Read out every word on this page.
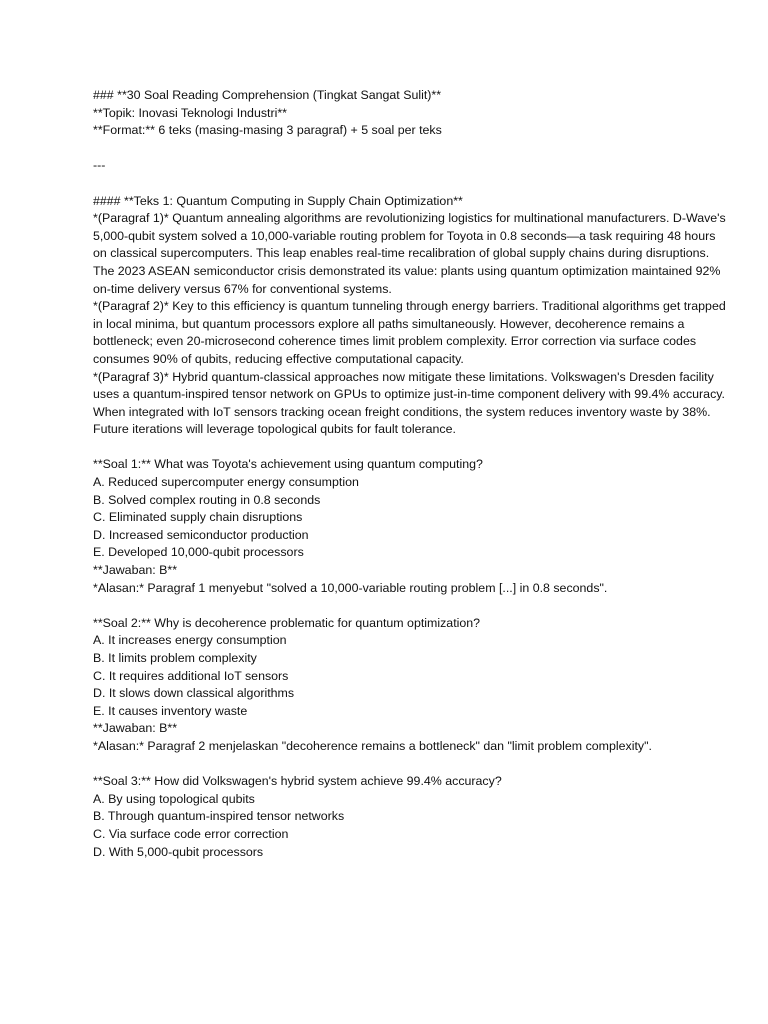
### **30 Soal Reading Comprehension (Tingkat Sangat Sulit)**
**Topik: Inovasi Teknologi Industri**
**Format:** 6 teks (masing-masing 3 paragraf) + 5 soal per teks
---
#### **Teks 1: Quantum Computing in Supply Chain Optimization**
*(Paragraf 1)* Quantum annealing algorithms are revolutionizing logistics for multinational manufacturers. D-Wave's 5,000-qubit system solved a 10,000-variable routing problem for Toyota in 0.8 seconds—a task requiring 48 hours on classical supercomputers. This leap enables real-time recalibration of global supply chains during disruptions. The 2023 ASEAN semiconductor crisis demonstrated its value: plants using quantum optimization maintained 92% on-time delivery versus 67% for conventional systems.
*(Paragraf 2)* Key to this efficiency is quantum tunneling through energy barriers. Traditional algorithms get trapped in local minima, but quantum processors explore all paths simultaneously. However, decoherence remains a bottleneck; even 20-microsecond coherence times limit problem complexity. Error correction via surface codes consumes 90% of qubits, reducing effective computational capacity.
*(Paragraf 3)* Hybrid quantum-classical approaches now mitigate these limitations. Volkswagen's Dresden facility uses a quantum-inspired tensor network on GPUs to optimize just-in-time component delivery with 99.4% accuracy. When integrated with IoT sensors tracking ocean freight conditions, the system reduces inventory waste by 38%. Future iterations will leverage topological qubits for fault tolerance.
**Soal 1:** What was Toyota's achievement using quantum computing?
A. Reduced supercomputer energy consumption
B. Solved complex routing in 0.8 seconds
C. Eliminated supply chain disruptions
D. Increased semiconductor production
E. Developed 10,000-qubit processors
**Jawaban: B**
*Alasan:* Paragraf 1 menyebut "solved a 10,000-variable routing problem [...] in 0.8 seconds".
**Soal 2:** Why is decoherence problematic for quantum optimization?
A. It increases energy consumption
B. It limits problem complexity
C. It requires additional IoT sensors
D. It slows down classical algorithms
E. It causes inventory waste
**Jawaban: B**
*Alasan:* Paragraf 2 menjelaskan "decoherence remains a bottleneck" dan "limit problem complexity".
**Soal 3:** How did Volkswagen's hybrid system achieve 99.4% accuracy?
A. By using topological qubits
B. Through quantum-inspired tensor networks
C. Via surface code error correction
D. With 5,000-qubit processors
